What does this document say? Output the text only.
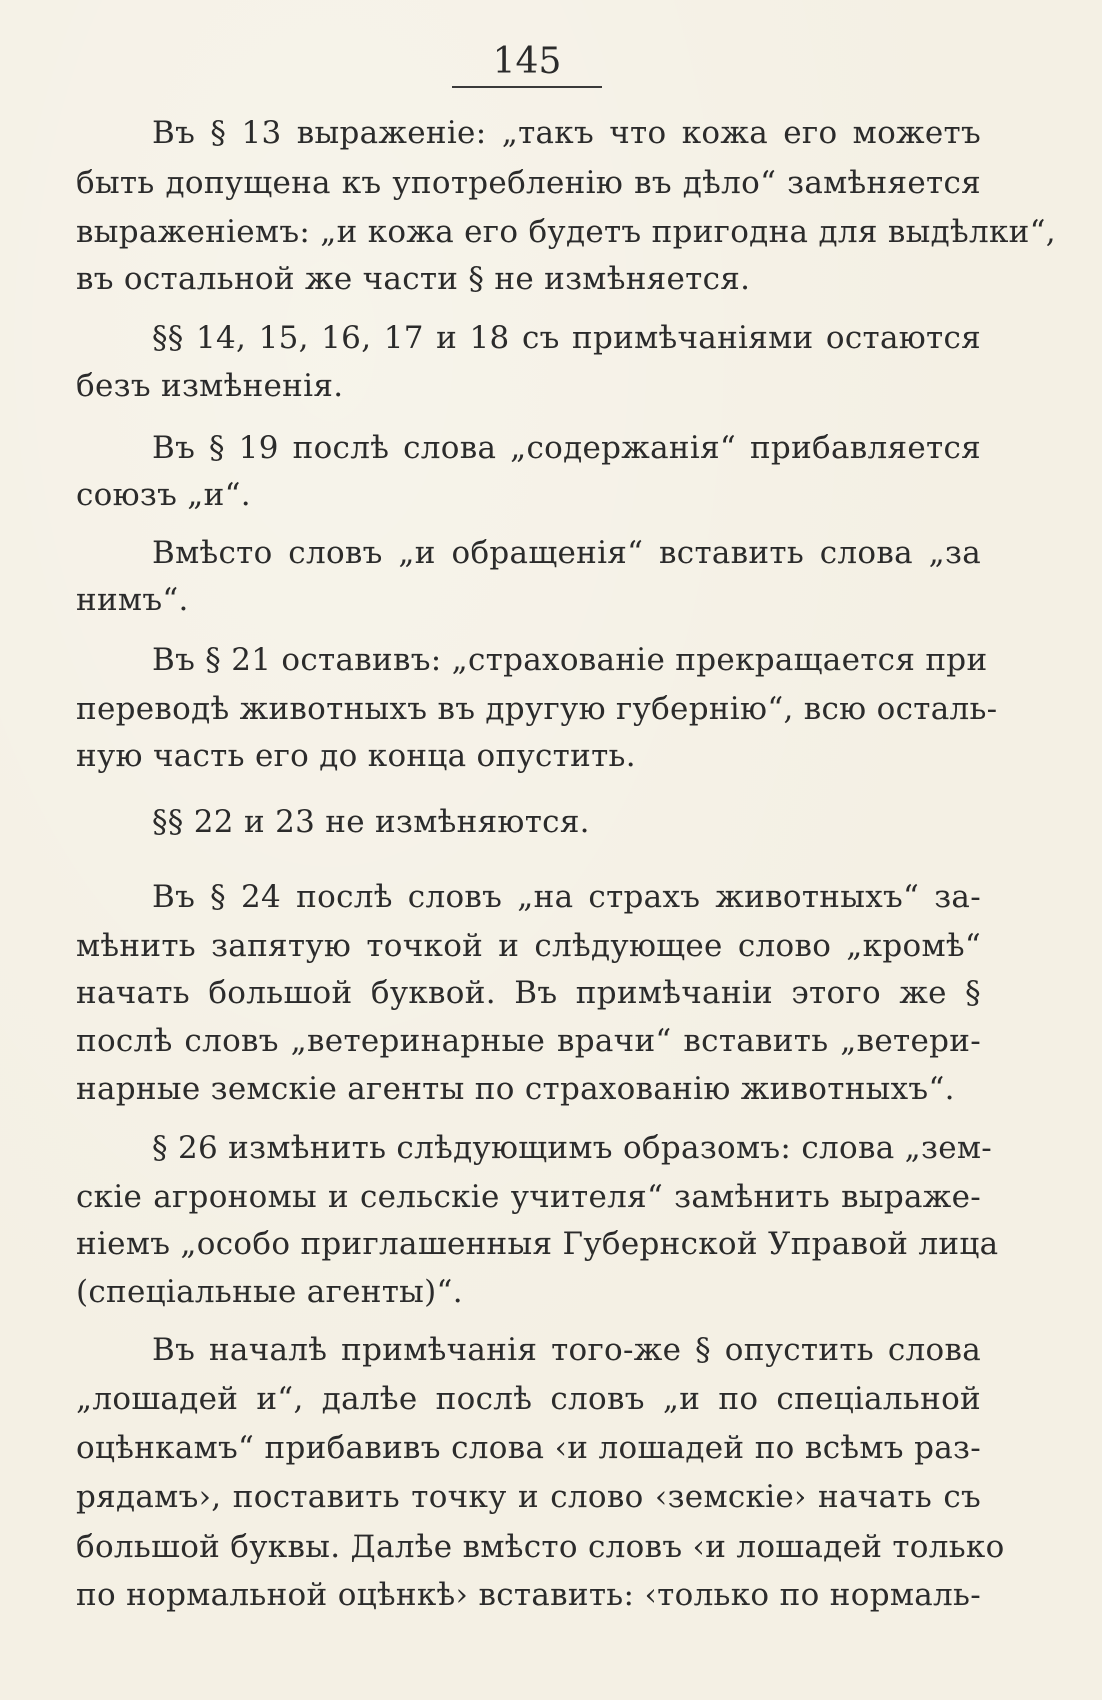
145
Въ § 13 выраженіе: „такъ что кожа его можетъ
быть допущена къ употребленію въ дѣло“ замѣняется
выраженіемъ: „и кожа его будетъ пригодна для выдѣлки“,
въ остальной же части § не измѣняется.
§§ 14, 15, 16, 17 и 18 съ примѣчаніями остаются
безъ измѣненія.
Въ § 19 послѣ слова „содержанія“ прибавляется
союзъ „и“.
Вмѣсто словъ „и обращенія“ вставить слова „за
нимъ“.
Въ § 21 оставивъ: „страхованіе прекращается при
переводѣ животныхъ въ другую губернію“, всю осталь-
ную часть его до конца опустить.
§§ 22 и 23 не измѣняются.
Въ § 24 послѣ словъ „на страхъ животныхъ“ за-
мѣнить запятую точкой и слѣдующее слово „кромѣ“
начать большой буквой. Въ примѣчаніи этого же §
послѣ словъ „ветеринарные врачи“ вставить „ветери-
нарные земскіе агенты по страхованію животныхъ“.
§ 26 измѣнить слѣдующимъ образомъ: слова „зем-
скіе агрономы и сельскіе учителя“ замѣнить выраже-
ніемъ „особо приглашенныя Губернской Управой лица
(спеціальные агенты)“.
Въ началѣ примѣчанія того-же § опустить слова
„лошадей и“, далѣе послѣ словъ „и по спеціальной
оцѣнкамъ“ прибавивъ слова ‹и лошадей по всѣмъ раз-
рядамъ›, поставить точку и слово ‹земскіе› начать съ
большой буквы. Далѣе вмѣсто словъ ‹и лошадей только
по нормальной оцѣнкѣ› вставить: ‹только по нормаль-
